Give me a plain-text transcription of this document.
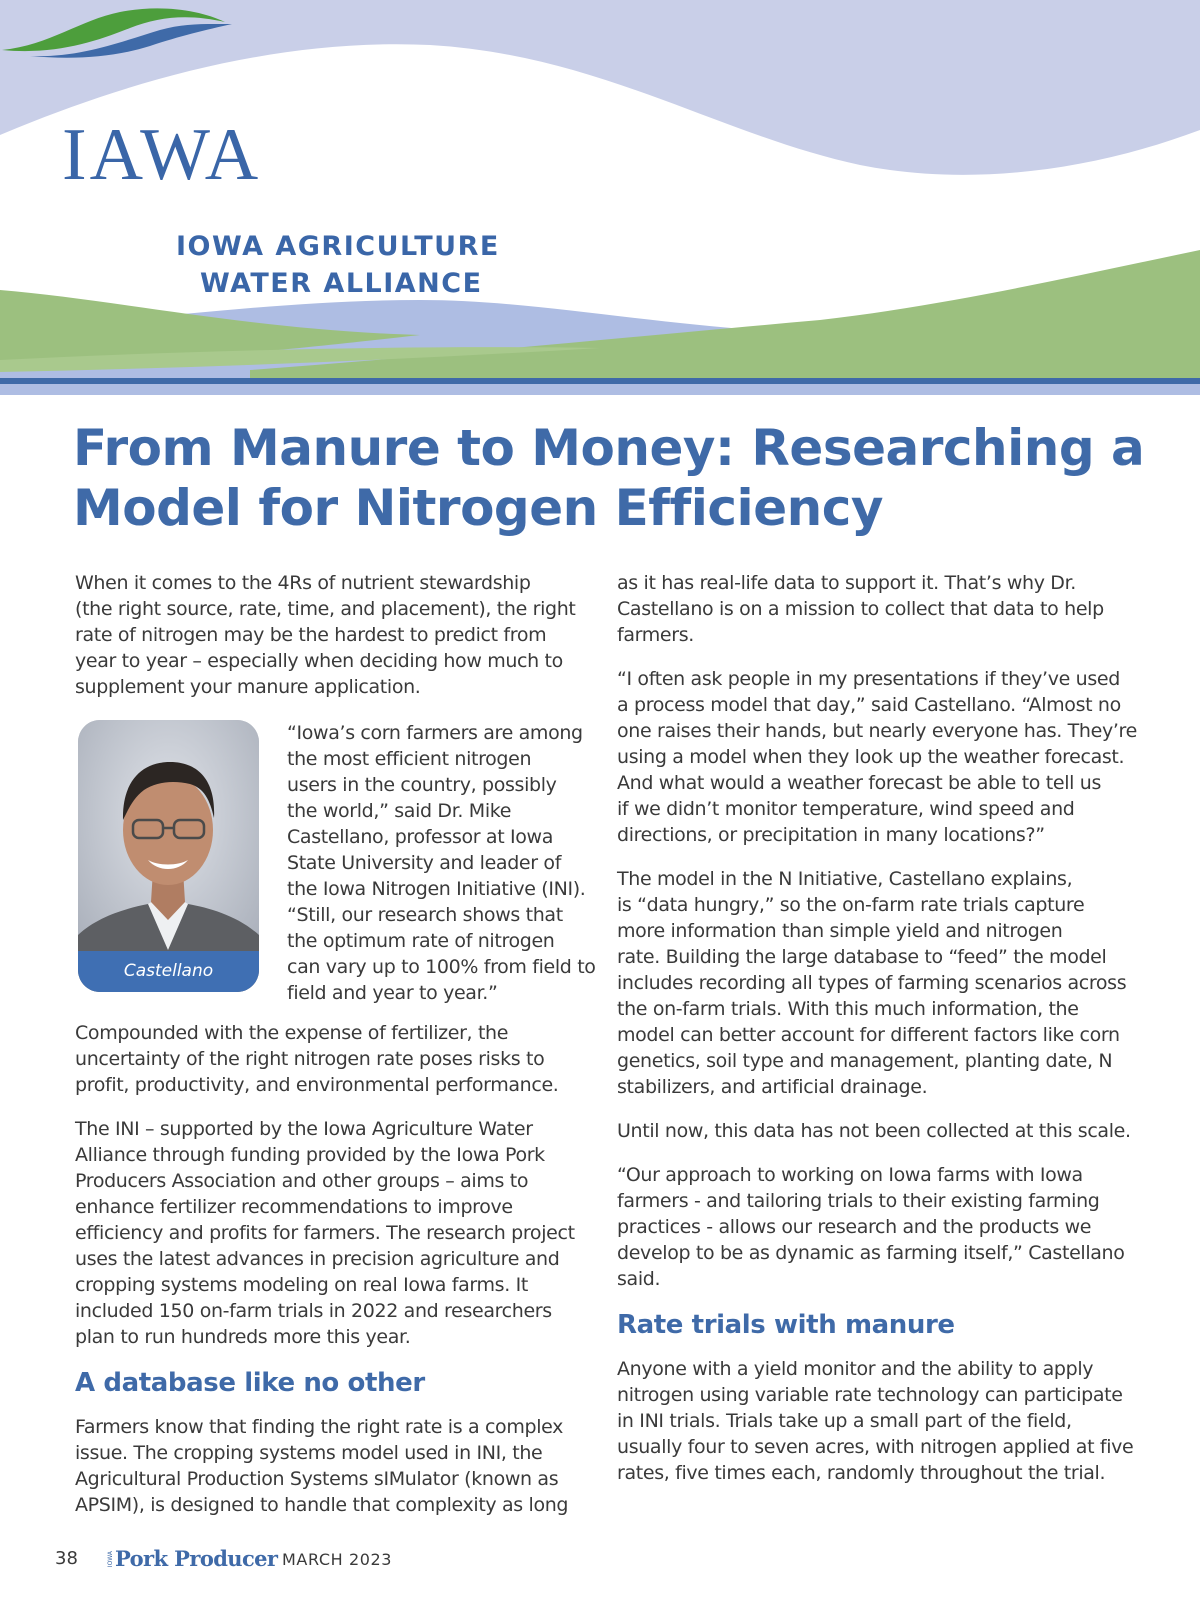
IAWA
IOWA AGRICULTURE
WATER ALLIANCE
From Manure to Money: Researching a
Model for Nitrogen Efficiency

When it comes to the 4Rs of nutrient stewardship
(the right source, rate, time, and placement), the right
rate of nitrogen may be the hardest to predict from
year to year – especially when deciding how much to
supplement your manure application.

Compounded with the expense of fertilizer, the
uncertainty of the right nitrogen rate poses risks to
profit, productivity, and environmental performance.

The INI – supported by the Iowa Agriculture Water
Alliance through funding provided by the Iowa Pork
Producers Association and other groups – aims to
enhance fertilizer recommendations to improve
efficiency and profits for farmers. The research project
uses the latest advances in precision agriculture and
cropping systems modeling on real Iowa farms. It
included 150 on-farm trials in 2022 and researchers
plan to run hundreds more this year.

A database like no other

Farmers know that finding the right rate is a complex
issue. The cropping systems model used in INI, the
Agricultural Production Systems sIMulator (known as
APSIM), is designed to handle that complexity as long

Castellano

“Iowa’s corn farmers are among
the most efficient nitrogen
users in the country, possibly
the world,” said Dr. Mike
Castellano, professor at Iowa
State University and leader of
the Iowa Nitrogen Initiative (INI).
“Still, our research shows that
the optimum rate of nitrogen
can vary up to 100% from field to
field and year to year.”

as it has real-life data to support it. That’s why Dr.
Castellano is on a mission to collect that data to help
farmers.

“I often ask people in my presentations if they’ve used
a process model that day,” said Castellano. “Almost no
one raises their hands, but nearly everyone has. They’re
using a model when they look up the weather forecast.
And what would a weather forecast be able to tell us
if we didn’t monitor temperature, wind speed and
directions, or precipitation in many locations?”

The model in the N Initiative, Castellano explains,
is “data hungry,” so the on-farm rate trials capture
more information than simple yield and nitrogen
rate. Building the large database to “feed” the model
includes recording all types of farming scenarios across
the on-farm trials. With this much information, the
model can better account for different factors like corn
genetics, soil type and management, planting date, N
stabilizers, and artificial drainage.

Until now, this data has not been collected at this scale.

“Our approach to working on Iowa farms with Iowa
farmers - and tailoring trials to their existing farming
practices - allows our research and the products we
develop to be as dynamic as farming itself,” Castellano
said.

Rate trials with manure

Anyone with a yield monitor and the ability to apply
nitrogen using variable rate technology can participate
in INI trials. Trials take up a small part of the field,
usually four to seven acres, with nitrogen applied at five
rates, five times each, randomly throughout the trial.

38	IOWA Pork Producer MARCH 2023
